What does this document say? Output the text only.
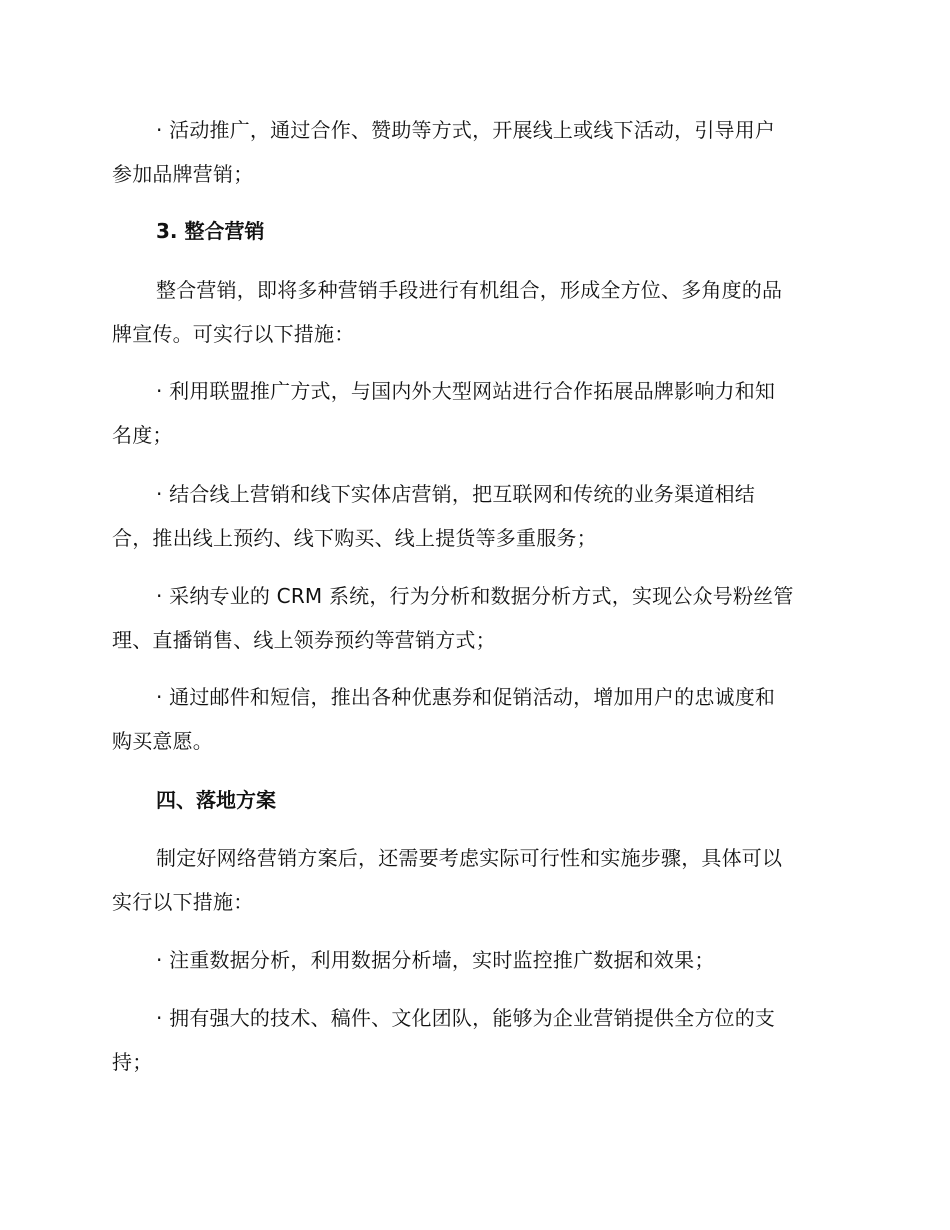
· 活动推广，通过合作、赞助等方式，开展线上或线下活动，引导用户
参加品牌营销；
3. 整合营销
整合营销，即将多种营销手段进行有机组合，形成全方位、多角度的品
牌宣传。可实行以下措施：
· 利用联盟推广方式，与国内外大型网站进行合作拓展品牌影响力和知
名度；
· 结合线上营销和线下实体店营销，把互联网和传统的业务渠道相结
合，推出线上预约、线下购买、线上提货等多重服务；
· 采纳专业的 CRM 系统，行为分析和数据分析方式，实现公众号粉丝管
理、直播销售、线上领券预约等营销方式；
· 通过邮件和短信，推出各种优惠券和促销活动，增加用户的忠诚度和
购买意愿。
四、落地方案
制定好网络营销方案后，还需要考虑实际可行性和实施步骤，具体可以
实行以下措施：
· 注重数据分析，利用数据分析墙，实时监控推广数据和效果；
· 拥有强大的技术、稿件、文化团队，能够为企业营销提供全方位的支
持；
